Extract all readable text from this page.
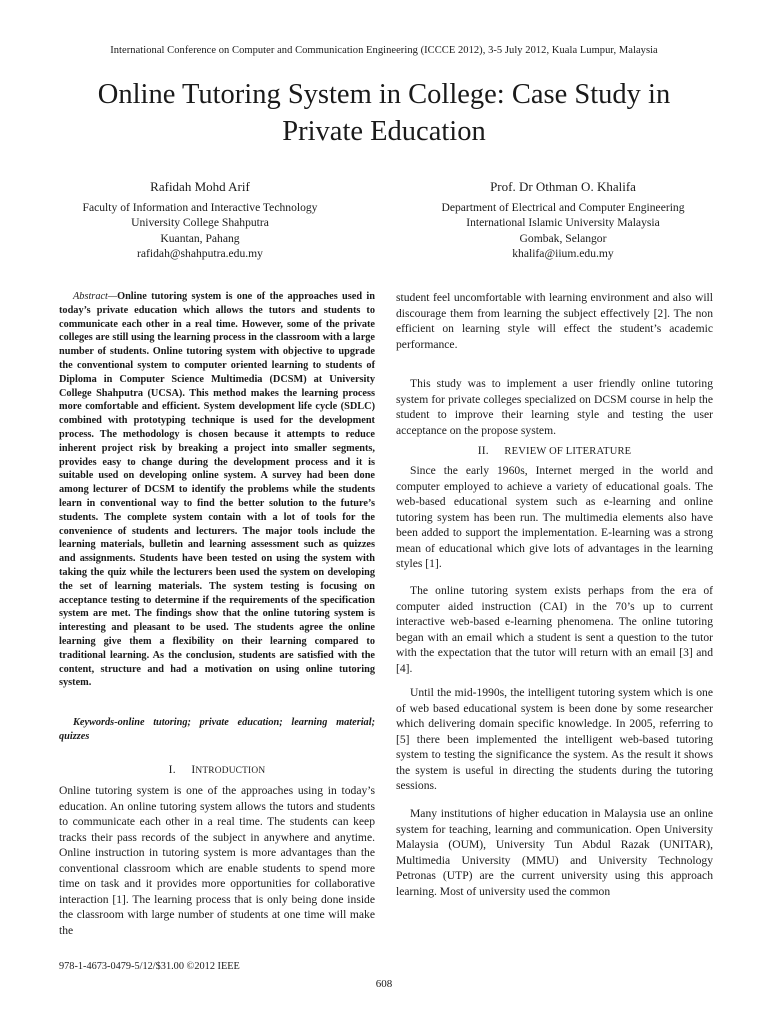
International Conference on Computer and Communication Engineering (ICCCE 2012), 3-5 July 2012, Kuala Lumpur, Malaysia
Online Tutoring System in College: Case Study in Private Education
Rafidah Mohd Arif
Faculty of Information and Interactive Technology
University College Shahputra
Kuantan, Pahang
rafidah@shahputra.edu.my
Prof. Dr Othman O. Khalifa
Department of Electrical and Computer Engineering
International Islamic University Malaysia
Gombak, Selangor
khalifa@iium.edu.my

Abstract—Online tutoring system is one of the approaches used in today’s private education which allows the tutors and students to communicate each other in a real time. However, some of the private colleges are still using the learning process in the classroom with a large number of students. Online tutoring system with objective to upgrade the conventional system to computer oriented learning to students of Diploma in Computer Science Multimedia (DCSM) at University College Shahputra (UCSA). This method makes the learning process more comfortable and efficient. System development life cycle (SDLC) combined with prototyping technique is used for the development process. The methodology is chosen because it attempts to reduce inherent project risk by breaking a project into smaller segments, provides easy to change during the development process and it is suitable used on developing online system. A survey had been done among lecturer of DCSM to identify the problems while the students learn in conventional way to find the better solution to the future’s students. The complete system contain with a lot of tools for the convenience of students and lecturers. The major tools include the learning materials, bulletin and learning assessment such as quizzes and assignments. Students have been tested on using the system with taking the quiz while the lecturers been used the system on developing the set of learning materials. The system testing is focusing on acceptance testing to determine if the requirements of the specification system are met. The findings show that the online tutoring system is interesting and pleasant to be used. The students agree the online learning give them a flexibility on their learning compared to traditional learning. As the conclusion, students are satisfied with the content, structure and had a motivation on using online tutoring system.

Keywords-online tutoring; private education; learning material; quizzes

I. INTRODUCTION

Online tutoring system is one of the approaches using in today’s education. An online tutoring system allows the tutors and students to communicate each other in a real time. The students can keep tracks their pass records of the subject in anywhere and anytime. Online instruction in tutoring system is more advantages than the conventional classroom which are enable students to spend more time on task and it provides more opportunities for collaborative interaction [1]. The learning process that is only being done inside the classroom with large number of students at one time will make the

student feel uncomfortable with learning environment and also will discourage them from learning the subject effectively [2]. The non efficient on learning style will effect the student’s academic performance.

This study was to implement a user friendly online tutoring system for private colleges specialized on DCSM course in help the student to improve their learning style and testing the user acceptance on the propose system.

II. REVIEW OF LITERATURE

Since the early 1960s, Internet merged in the world and computer employed to achieve a variety of educational goals. The web-based educational system such as e-learning and online tutoring system has been run. The multimedia elements also have been added to support the implementation. E-learning was a strong mean of educational which give lots of advantages in the learning styles [1].

The online tutoring system exists perhaps from the era of computer aided instruction (CAI) in the 70’s up to current interactive web-based e-learning phenomena. The online tutoring began with an email which a student is sent a question to the tutor with the expectation that the tutor will return with an email [3] and [4].

Until the mid-1990s, the intelligent tutoring system which is one of web based educational system is been done by some researcher which delivering domain specific knowledge. In 2005, referring to [5] there been implemented the intelligent web-based tutoring system to testing the significance the system. As the result it shows the system is useful in directing the students during the tutoring sessions.

Many institutions of higher education in Malaysia use an online system for teaching, learning and communication. Open University Malaysia (OUM), University Tun Abdul Razak (UNITAR), Multimedia University (MMU) and University Technology Petronas (UTP) are the current university using this approach learning. Most of university used the common

978-1-4673-0479-5/12/$31.00 ©2012 IEEE
608
